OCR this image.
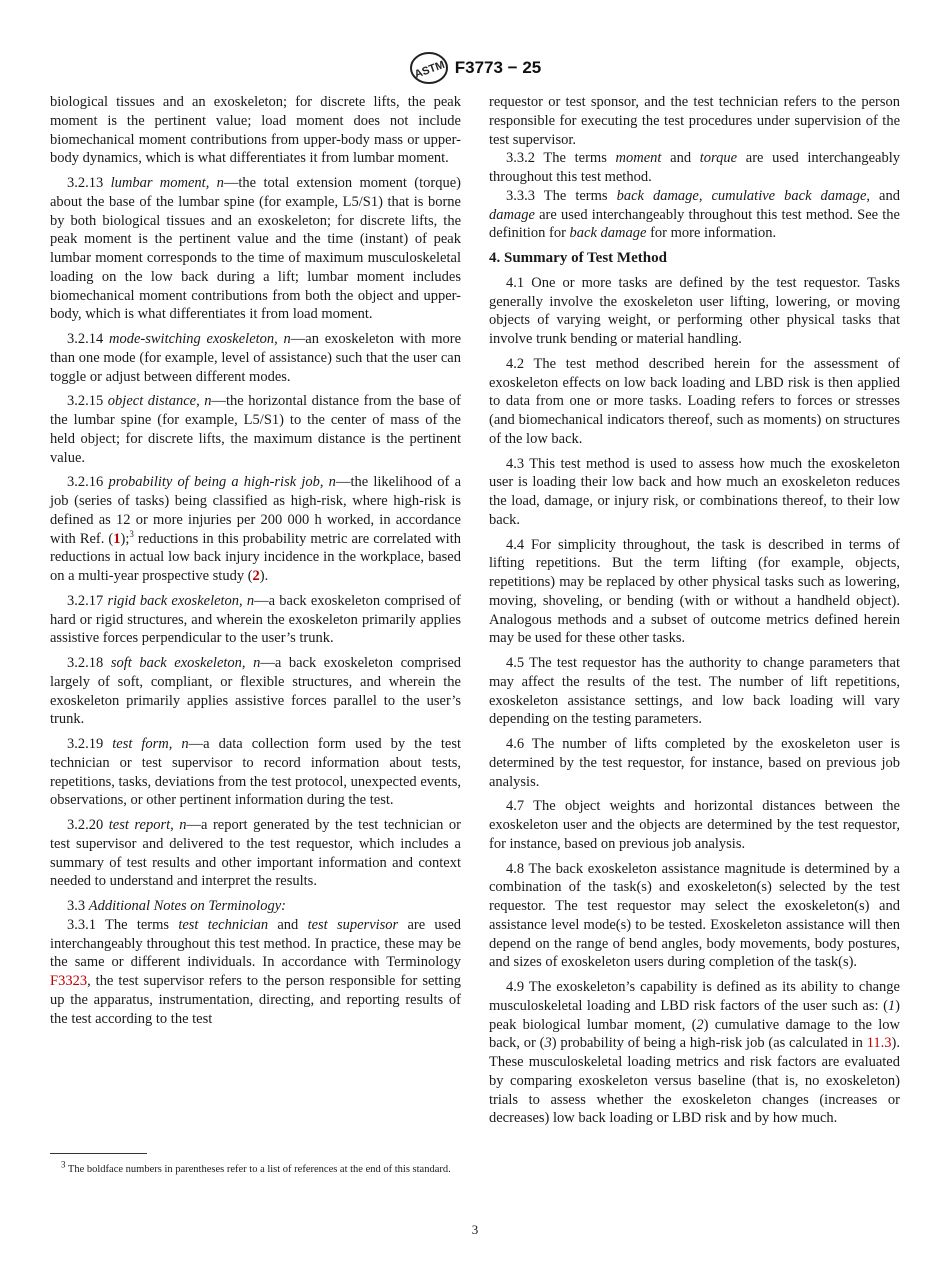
ASTM F3773 − 25

biological tissues and an exoskeleton; for discrete lifts, the peak moment is the pertinent value; load moment does not include biomechanical moment contributions from upper-body mass or upper-body dynamics, which is what differentiates it from lumbar moment.

3.2.13 lumbar moment, n—the total extension moment (torque) about the base of the lumbar spine (for example, L5/S1) that is borne by both biological tissues and an exoskeleton; for discrete lifts, the peak moment is the pertinent value and the time (instant) of peak lumbar moment corresponds to the time of maximum musculoskeletal loading on the low back during a lift; lumbar moment includes biomechanical moment contributions from both the object and upper-body, which is what differentiates it from load moment.

3.2.14 mode-switching exoskeleton, n—an exoskeleton with more than one mode (for example, level of assistance) such that the user can toggle or adjust between different modes.

3.2.15 object distance, n—the horizontal distance from the base of the lumbar spine (for example, L5/S1) to the center of mass of the held object; for discrete lifts, the maximum distance is the pertinent value.

3.2.16 probability of being a high-risk job, n—the likelihood of a job (series of tasks) being classified as high-risk, where high-risk is defined as 12 or more injuries per 200 000 h worked, in accordance with Ref. (1);$^3$ reductions in this probability metric are correlated with reductions in actual low back injury incidence in the workplace, based on a multi-year prospective study (2).

3.2.17 rigid back exoskeleton, n—a back exoskeleton comprised of hard or rigid structures, and wherein the exoskeleton primarily applies assistive forces perpendicular to the user’s trunk.

3.2.18 soft back exoskeleton, n—a back exoskeleton comprised largely of soft, compliant, or flexible structures, and wherein the exoskeleton primarily applies assistive forces parallel to the user’s trunk.

3.2.19 test form, n—a data collection form used by the test technician or test supervisor to record information about tests, repetitions, tasks, deviations from the test protocol, unexpected events, observations, or other pertinent information during the test.

3.2.20 test report, n—a report generated by the test technician or test supervisor and delivered to the test requestor, which includes a summary of test results and other important information and context needed to understand and interpret the results.

3.3 Additional Notes on Terminology:

3.3.1 The terms test technician and test supervisor are used interchangeably throughout this test method. In practice, these may be the same or different individuals. In accordance with Terminology F3323, the test supervisor refers to the person responsible for setting up the apparatus, instrumentation, directing, and reporting results of the test according to the test

requestor or test sponsor, and the test technician refers to the person responsible for executing the test procedures under supervision of the test supervisor.

3.3.2 The terms moment and torque are used interchangeably throughout this test method.

3.3.3 The terms back damage, cumulative back damage, and damage are used interchangeably throughout this test method. See the definition for back damage for more information.

4. Summary of Test Method

4.1 One or more tasks are defined by the test requestor. Tasks generally involve the exoskeleton user lifting, lowering, or moving objects of varying weight, or performing other physical tasks that involve trunk bending or material handling.

4.2 The test method described herein for the assessment of exoskeleton effects on low back loading and LBD risk is then applied to data from one or more tasks. Loading refers to forces or stresses (and biomechanical indicators thereof, such as moments) on structures of the low back.

4.3 This test method is used to assess how much the exoskeleton user is loading their low back and how much an exoskeleton reduces the load, damage, or injury risk, or combinations thereof, to their low back.

4.4 For simplicity throughout, the task is described in terms of lifting repetitions. But the term lifting (for example, objects, repetitions) may be replaced by other physical tasks such as lowering, moving, shoveling, or bending (with or without a handheld object). Analogous methods and a subset of outcome metrics defined herein may be used for these other tasks.

4.5 The test requestor has the authority to change parameters that may affect the results of the test. The number of lift repetitions, exoskeleton assistance settings, and low back loading will vary depending on the testing parameters.

4.6 The number of lifts completed by the exoskeleton user is determined by the test requestor, for instance, based on previous job analysis.

4.7 The object weights and horizontal distances between the exoskeleton user and the objects are determined by the test requestor, for instance, based on previous job analysis.

4.8 The back exoskeleton assistance magnitude is determined by a combination of the task(s) and exoskeleton(s) selected by the test requestor. The test requestor may select the exoskeleton(s) and assistance level mode(s) to be tested. Exoskeleton assistance will then depend on the range of bend angles, body movements, body postures, and sizes of exoskeleton users during completion of the task(s).

4.9 The exoskeleton’s capability is defined as its ability to change musculoskeletal loading and LBD risk factors of the user such as: (1) peak biological lumbar moment, (2) cumulative damage to the low back, or (3) probability of being a high-risk job (as calculated in 11.3). These musculoskeletal loading metrics and risk factors are evaluated by comparing exoskeleton versus baseline (that is, no exoskeleton) trials to assess whether the exoskeleton changes (increases or decreases) low back loading or LBD risk and by how much.

$^3$ The boldface numbers in parentheses refer to a list of references at the end of this standard.
3
